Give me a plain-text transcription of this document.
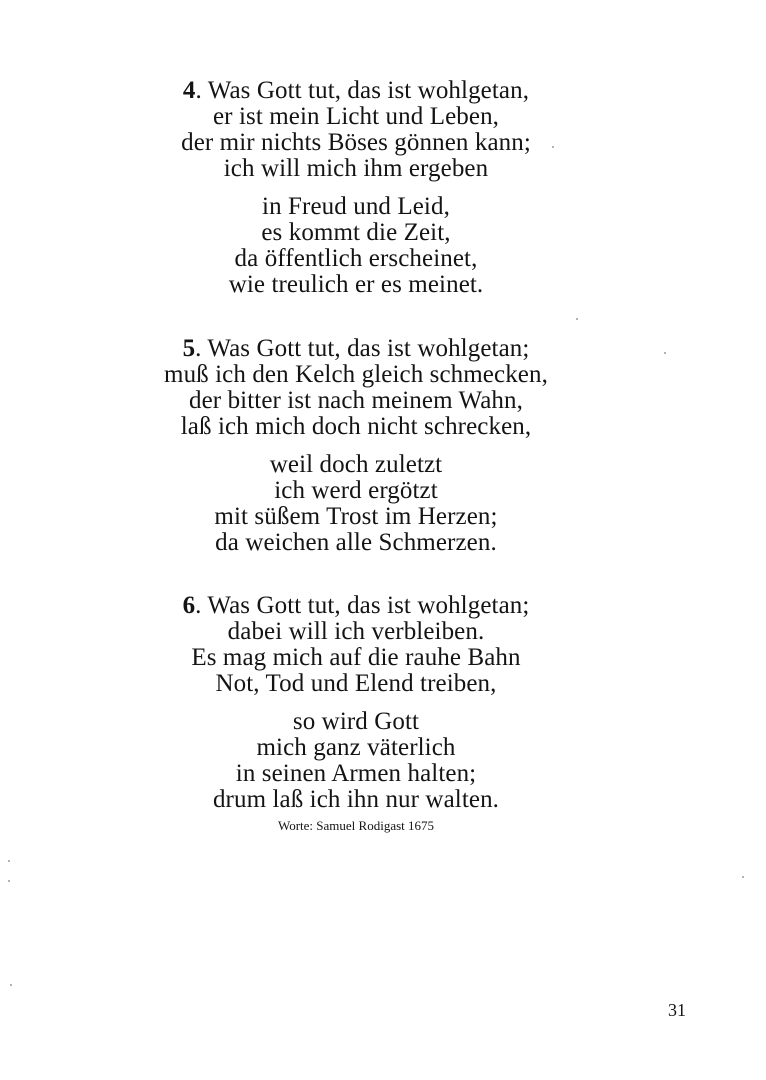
4. Was Gott tut, das ist wohlgetan,
er ist mein Licht und Leben,
der mir nichts Böses gönnen kann;
ich will mich ihm ergeben
in Freud und Leid,
es kommt die Zeit,
da öffentlich erscheinet,
wie treulich er es meinet.
5. Was Gott tut, das ist wohlgetan;
muß ich den Kelch gleich schmecken,
der bitter ist nach meinem Wahn,
laß ich mich doch nicht schrecken,
weil doch zuletzt
ich werd ergötzt
mit süßem Trost im Herzen;
da weichen alle Schmerzen.
6. Was Gott tut, das ist wohlgetan;
dabei will ich verbleiben.
Es mag mich auf die rauhe Bahn
Not, Tod und Elend treiben,
so wird Gott
mich ganz väterlich
in seinen Armen halten;
drum laß ich ihn nur walten.
Worte: Samuel Rodigast 1675
31
